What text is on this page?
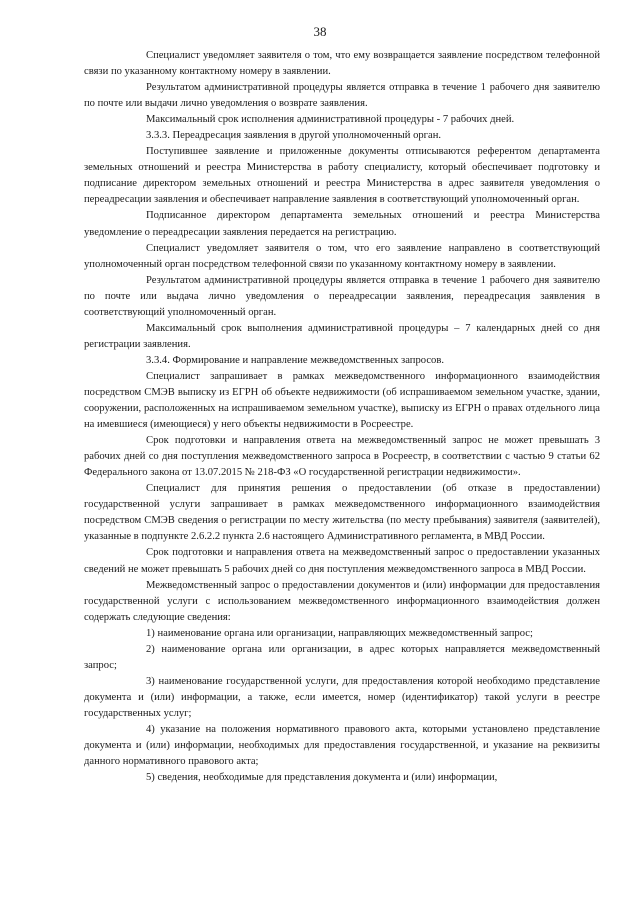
38

Специалист уведомляет заявителя о том, что ему возвращается заявление посредством телефонной связи по указанному контактному номеру в заявлении.

Результатом административной процедуры является отправка в течение 1 рабочего дня заявителю по почте или выдачи лично уведомления о возврате заявления.

Максимальный срок исполнения административной процедуры - 7 рабочих дней.

3.3.3. Переадресация заявления в другой уполномоченный орган.

Поступившее заявление и приложенные документы отписываются референтом департамента земельных отношений и реестра Министерства в работу специалисту, который обеспечивает подготовку и подписание директором земельных отношений и реестра Министерства в адрес заявителя уведомления о переадресации заявления и обеспечивает направление заявления в соответствующий уполномоченный орган.

Подписанное директором департамента земельных отношений и реестра Министерства уведомление о переадресации заявления передается на регистрацию.

Специалист уведомляет заявителя о том, что его заявление направлено в соответствующий уполномоченный орган посредством телефонной связи по указанному контактному номеру в заявлении.

Результатом административной процедуры является отправка в течение 1 рабочего дня заявителю по почте или выдача лично уведомления о переадресации заявления, переадресация заявления в соответствующий уполномоченный орган.

Максимальный срок выполнения административной процедуры – 7 календарных дней со дня регистрации заявления.

3.3.4. Формирование и направление межведомственных запросов.

Специалист запрашивает в рамках межведомственного информационного взаимодействия посредством СМЭВ выписку из ЕГРН об объекте недвижимости (об испрашиваемом земельном участке, здании, сооружении, расположенных на испрашиваемом земельном участке), выписку из ЕГРН о правах отдельного лица на имевшиеся (имеющиеся) у него объекты недвижимости в Росреестре.

Срок подготовки и направления ответа на межведомственный запрос не может превышать 3 рабочих дней со дня поступления межведомственного запроса в Росреестр, в соответствии с частью 9 статьи 62 Федерального закона от 13.07.2015 № 218-ФЗ «О государственной регистрации недвижимости».

Специалист для принятия решения о предоставлении (об отказе в предоставлении) государственной услуги запрашивает в рамках межведомственного информационного взаимодействия посредством СМЭВ сведения о регистрации по месту жительства (по месту пребывания) заявителя (заявителей), указанные в подпункте 2.6.2.2 пункта 2.6 настоящего Административного регламента, в МВД России.

Срок подготовки и направления ответа на межведомственный запрос о предоставлении указанных сведений не может превышать 5 рабочих дней со дня поступления межведомственного запроса в МВД России.

Межведомственный запрос о предоставлении документов и (или) информации для предоставления государственной услуги с использованием межведомственного информационного взаимодействия должен содержать следующие сведения:

1) наименование органа или организации, направляющих межведомственный запрос;

2) наименование органа или организации, в адрес которых направляется межведомственный запрос;

3) наименование государственной услуги, для предоставления которой необходимо представление документа и (или) информации, а также, если имеется, номер (идентификатор) такой услуги в реестре государственных услуг;

4) указание на положения нормативного правового акта, которыми установлено представление документа и (или) информации, необходимых для предоставления государственной, и указание на реквизиты данного нормативного правового акта;

5) сведения, необходимые для представления документа и (или) информации,
